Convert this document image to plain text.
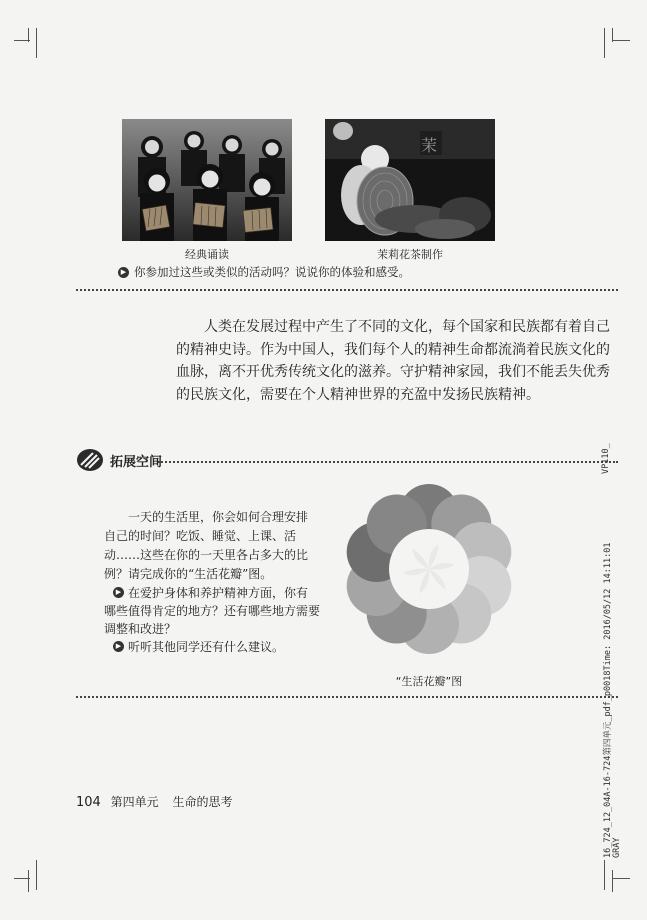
经典诵读
茉
茉莉花茶制作
▶ 你参加过这些或类似的活动吗？说说你的体验和感受。
人类在发展过程中产生了不同的文化，每个国家和民族都有着自己的精神史诗。作为中国人，我们每个人的精神生命都流淌着民族文化的血脉，离不开优秀传统文化的滋养。守护精神家园，我们不能丢失优秀的民族文化，需要在个人精神世界的充盈中发扬民族精神。
拓展空间
一天的生活里，你会如何合理安排
自己的时间？吃饭、睡觉、上课、活
动……这些在你的一天里各占多大的比
例？请完成你的“生活花瓣”图。
▶ 在爱护身体和养护精神方面，你有
哪些值得肯定的地方？还有哪些地方需要
调整和改进？
▶ 听听其他同学还有什么建议。
“生活花瓣”图
VP110_
16_724_12_04A-16-724第四单元_pdf_p0018Time: 2016/05/12 14:11:01 GRAY
104 第四单元 生命的思考
